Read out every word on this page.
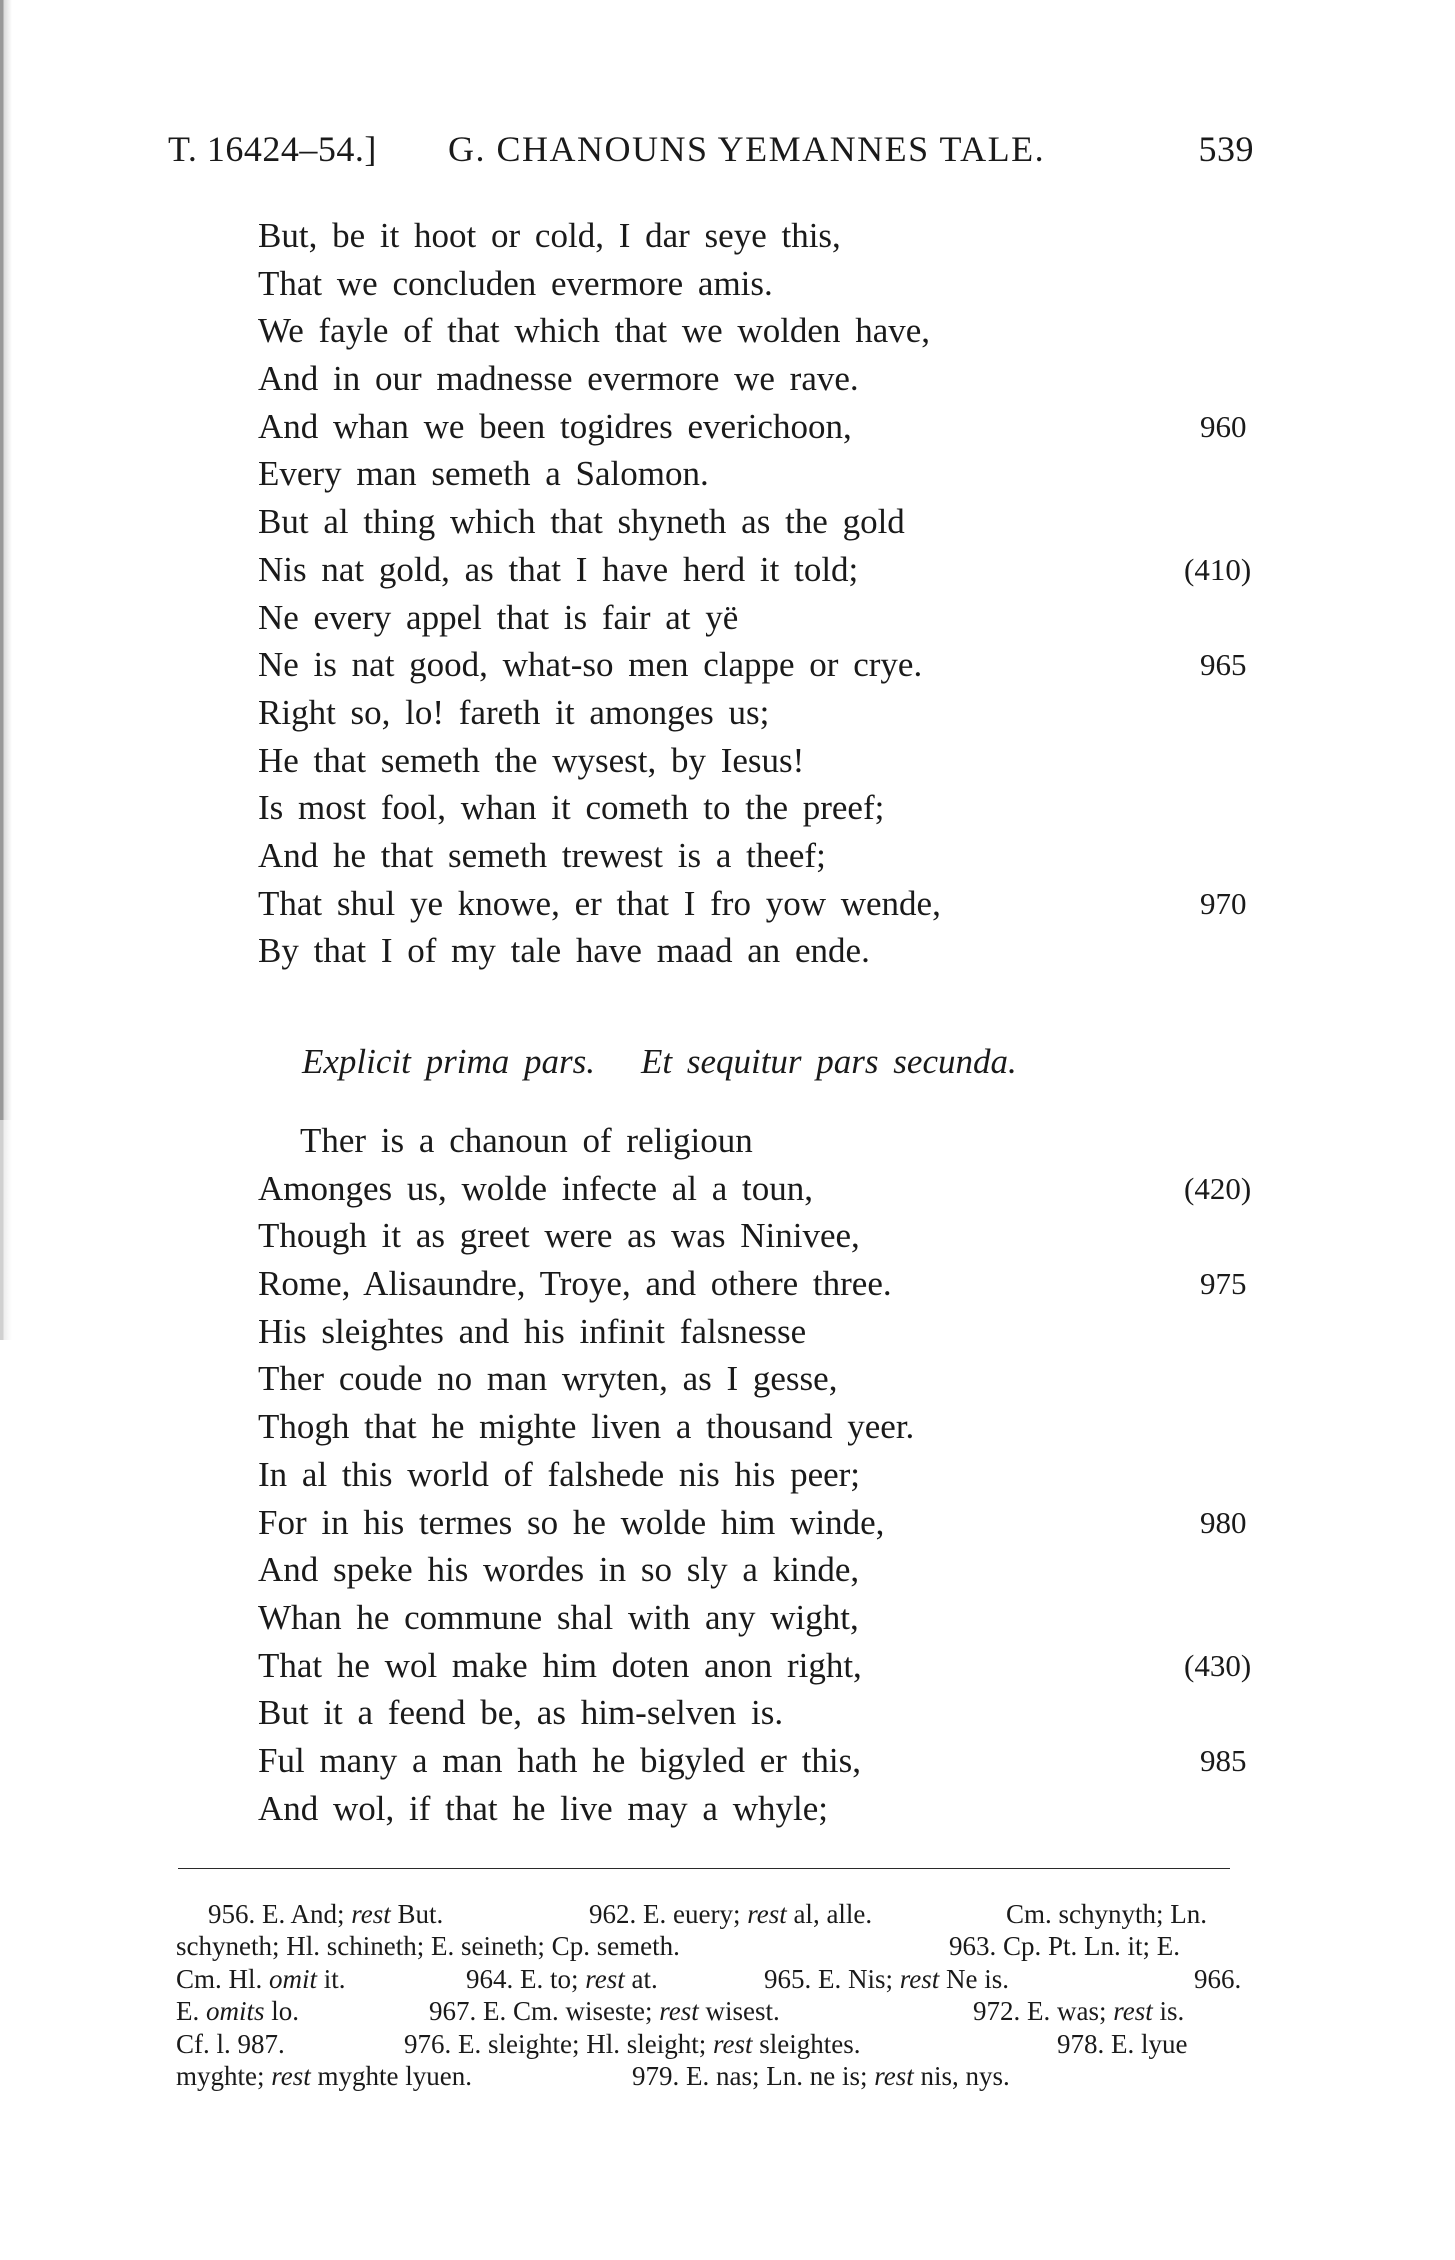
T. 16424–54.] G. CHANOUNS YEMANNES TALE.	539
But, be it hoot or cold, I dar seye this,
That we concluden evermore amis.
We fayle of that which that we wolden have,
And in our madnesse evermore we rave.
And whan we been togidres everichoon,	960
Every man semeth a Salomon.
But al thing which that shyneth as the gold
Nis nat gold, as that I have herd it told;	(410)
Ne every appel that is fair at yë
Ne is nat good, what-so men clappe or crye.	965
Right so, lo! fareth it amonges us;
He that semeth the wysest, by Iesus!
Is most fool, whan it cometh to the preef;
And he that semeth trewest is a theef;
That shul ye knowe, er that I fro yow wende,	970
By that I of my tale have maad an ende.
Explicit prima pars. Et sequitur pars secunda.
Ther is a chanoun of religioun
Amonges us, wolde infecte al a toun,	(420)
Though it as greet were as was Ninivee,
Rome, Alisaundre, Troye, and othere three.	975
His sleightes and his infinit falsnesse
Ther coude no man wryten, as I gesse,
Thogh that he mighte liven a thousand yeer.
In al this world of falshede nis his peer;
For in his termes so he wolde him winde,	980
And speke his wordes in so sly a kinde,
Whan he commune shal with any wight,
That he wol make him doten anon right,	(430)
But it a feend be, as him-selven is.
Ful many a man hath he bigyled er this,	985
And wol, if that he live may a whyle;
956. E. And; rest But.	962. E. euery; rest al, alle.	Cm. schynyth; Ln.
schyneth; Hl. schineth; E. seineth; Cp. semeth.	963. Cp. Pt. Ln. it; E.
Cm. Hl. omit it.	964. E. to; rest at.	965. E. Nis; rest Ne is.	966.
E. omits lo.	967. E. Cm. wiseste; rest wisest.	972. E. was; rest is.
Cf. l. 987.	976. E. sleighte; Hl. sleight; rest sleightes.	978. E. lyue
myghte; rest myghte lyuen.	979. E. nas; Ln. ne is; rest nis, nys.
